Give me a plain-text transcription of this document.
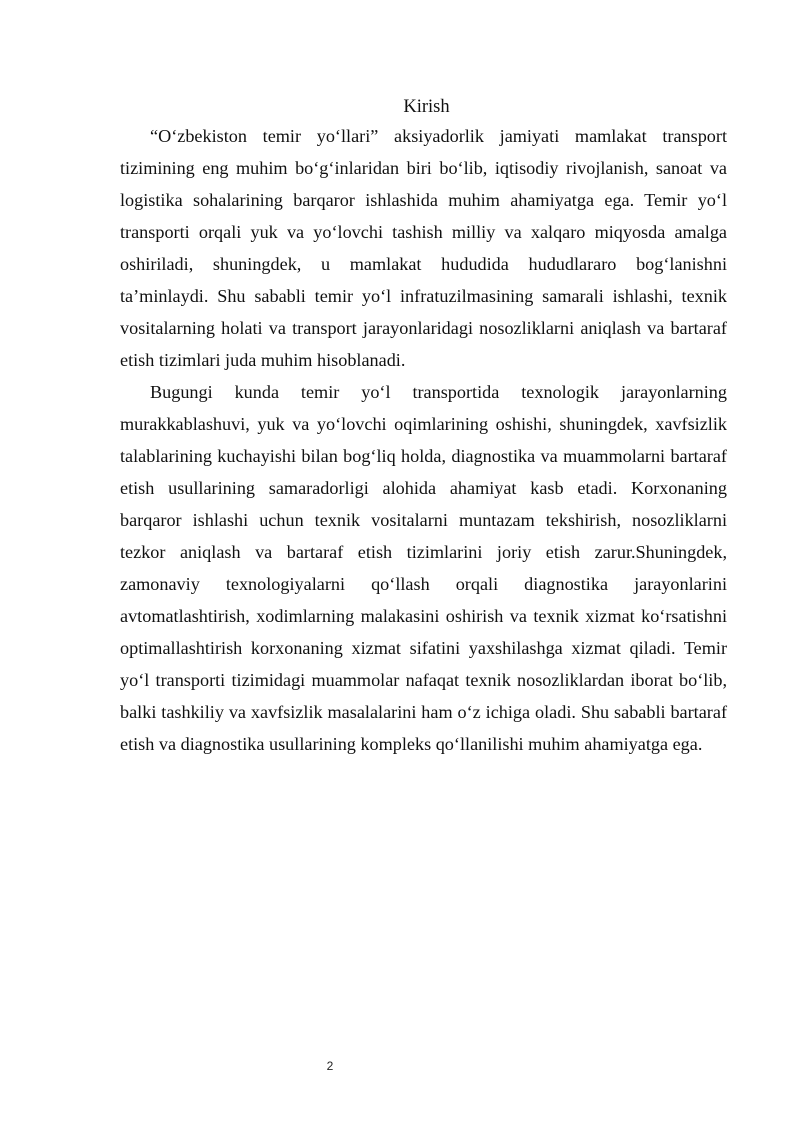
Kirish

“O‘zbekiston temir yo‘llari” aksiyadorlik jamiyati mamlakat transport tizimining eng muhim bo‘g‘inlaridan biri bo‘lib, iqtisodiy rivojlanish, sanoat va logistika sohalarining barqaror ishlashida muhim ahamiyatga ega. Temir yo‘l transporti orqali yuk va yo‘lovchi tashish milliy va xalqaro miqyosda amalga oshiriladi, shuningdek, u mamlakat hududida hududlararo bog‘lanishni ta’minlaydi. Shu sababli temir yo‘l infratuzilmasining samarali ishlashi, texnik vositalarning holati va transport jarayonlaridagi nosozliklarni aniqlash va bartaraf etish tizimlari juda muhim hisoblanadi.

Bugungi kunda temir yo‘l transportida texnologik jarayonlarning murakkablashuvi, yuk va yo‘lovchi oqimlarining oshishi, shuningdek, xavfsizlik talablarining kuchayishi bilan bog‘liq holda, diagnostika va muammolarni bartaraf etish usullarining samaradorligi alohida ahamiyat kasb etadi. Korxonaning barqaror ishlashi uchun texnik vositalarni muntazam tekshirish, nosozliklarni tezkor aniqlash va bartaraf etish tizimlarini joriy etish zarur.Shuningdek, zamonaviy texnologiyalarni qo‘llash orqali diagnostika jarayonlarini avtomatlashtirish, xodimlarning malakasini oshirish va texnik xizmat ko‘rsatishni optimallashtirish korxonaning xizmat sifatini yaxshilashga xizmat qiladi. Temir yo‘l transporti tizimidagi muammolar nafaqat texnik nosozliklardan iborat bo‘lib, balki tashkiliy va xavfsizlik masalalarini ham o‘z ichiga oladi. Shu sababli bartaraf etish va diagnostika usullarining kompleks qo‘llanilishi muhim ahamiyatga ega.

2
